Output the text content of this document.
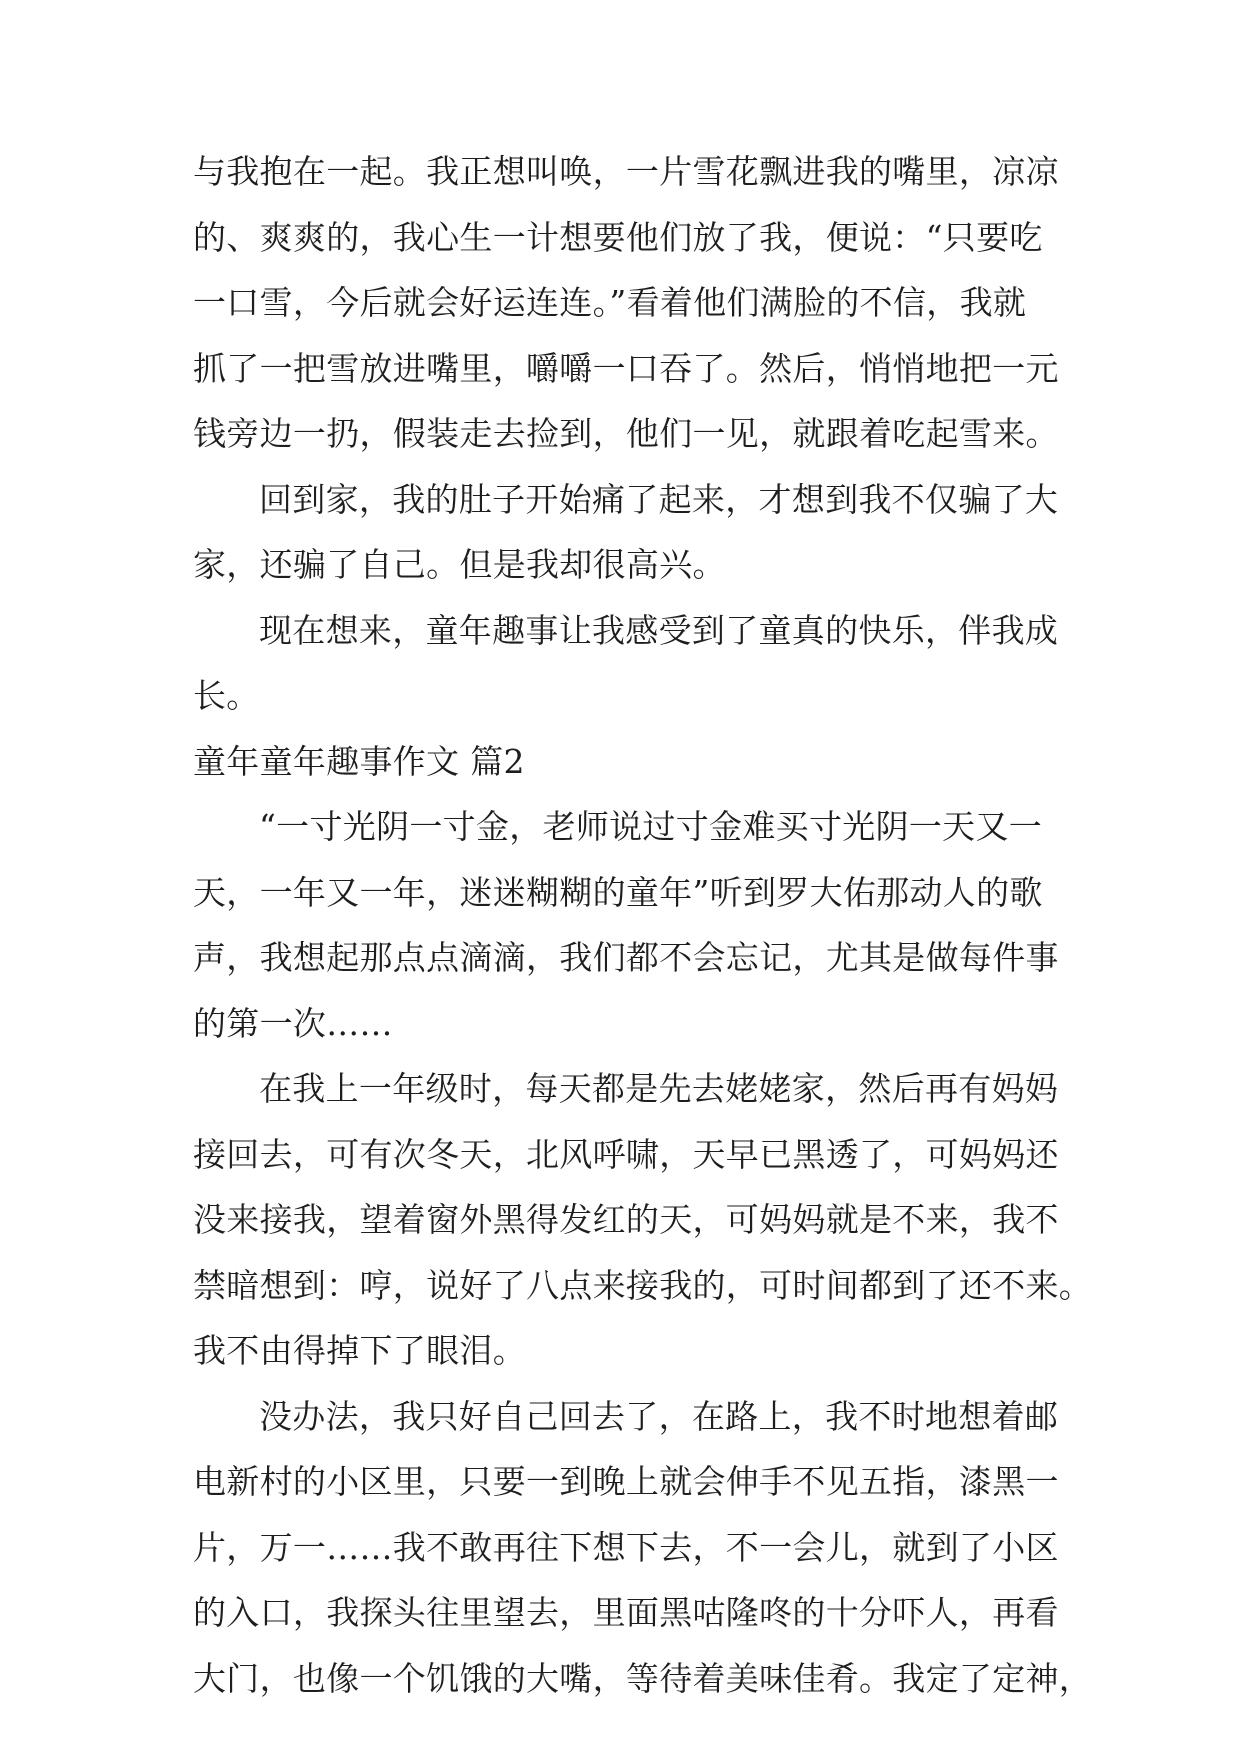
与我抱在一起。我正想叫唤，一片雪花飘进我的嘴里，凉凉
的、爽爽的，我心生一计想要他们放了我，便说：“只要吃
一口雪，今后就会好运连连。”看着他们满脸的不信，我就
抓了一把雪放进嘴里，嚼嚼一口吞了。然后，悄悄地把一元
钱旁边一扔，假装走去捡到，他们一见，就跟着吃起雪来。
回到家，我的肚子开始痛了起来，才想到我不仅骗了大
家，还骗了自己。但是我却很高兴。
现在想来，童年趣事让我感受到了童真的快乐，伴我成
长。
童年童年趣事作文 篇2
“一寸光阴一寸金，老师说过寸金难买寸光阴一天又一
天，一年又一年，迷迷糊糊的童年”听到罗大佑那动人的歌
声，我想起那点点滴滴，我们都不会忘记，尤其是做每件事
的第一次……
在我上一年级时，每天都是先去姥姥家，然后再有妈妈
接回去，可有次冬天，北风呼啸，天早已黑透了，可妈妈还
没来接我，望着窗外黑得发红的天，可妈妈就是不来，我不
禁暗想到：哼，说好了八点来接我的，可时间都到了还不来。
我不由得掉下了眼泪。
没办法，我只好自己回去了，在路上，我不时地想着邮
电新村的小区里，只要一到晚上就会伸手不见五指，漆黑一
片，万一……我不敢再往下想下去，不一会儿，就到了小区
的入口，我探头往里望去，里面黑咕隆咚的十分吓人，再看
大门，也像一个饥饿的大嘴，等待着美味佳肴。我定了定神，
